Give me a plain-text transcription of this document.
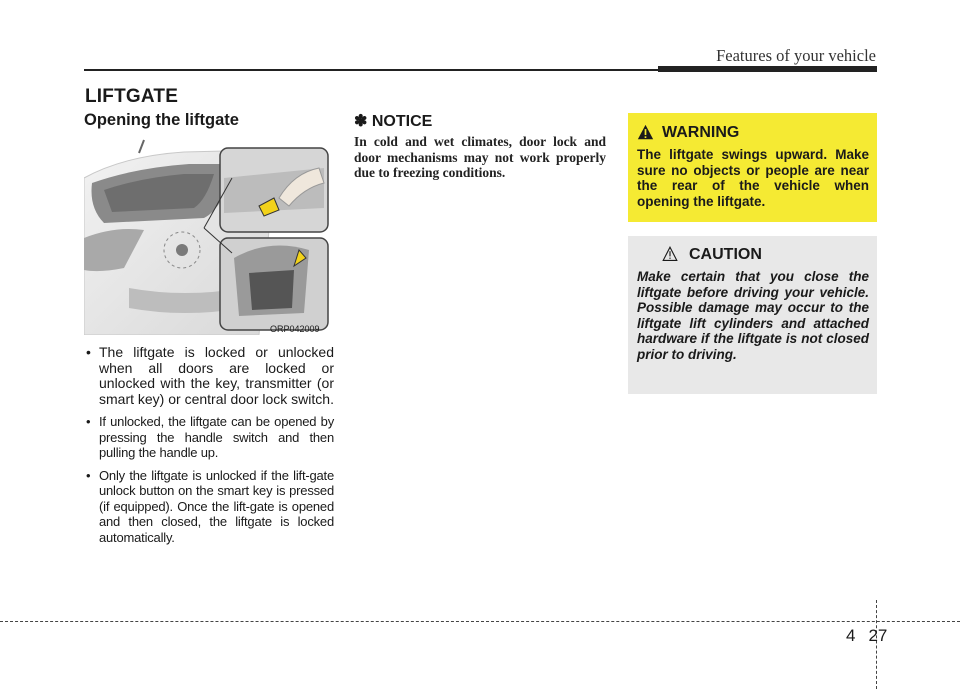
Features of your vehicle
LIFTGATE
Opening the liftgate
ORP042009
• The liftgate is locked or unlocked when all doors are locked or unlocked with the key, transmitter (or smart key) or central door lock switch.
• If unlocked, the liftgate can be opened by pressing the handle switch and then pulling the handle up.
• Only the liftgate is unlocked if the lift-gate unlock button on the smart key is pressed (if equipped). Once the lift-gate is opened and then closed, the liftgate is locked automatically.
✽ NOTICE
In cold and wet climates, door lock and door mechanisms may not work properly due to freezing conditions.
WARNING
The liftgate swings upward. Make sure no objects or people are near the rear of the vehicle when opening the liftgate.
CAUTION
Make certain that you close the liftgate before driving your vehicle. Possible damage may occur to the liftgate lift cylinders and attached hardware if the liftgate is not closed prior to driving.
4 27
